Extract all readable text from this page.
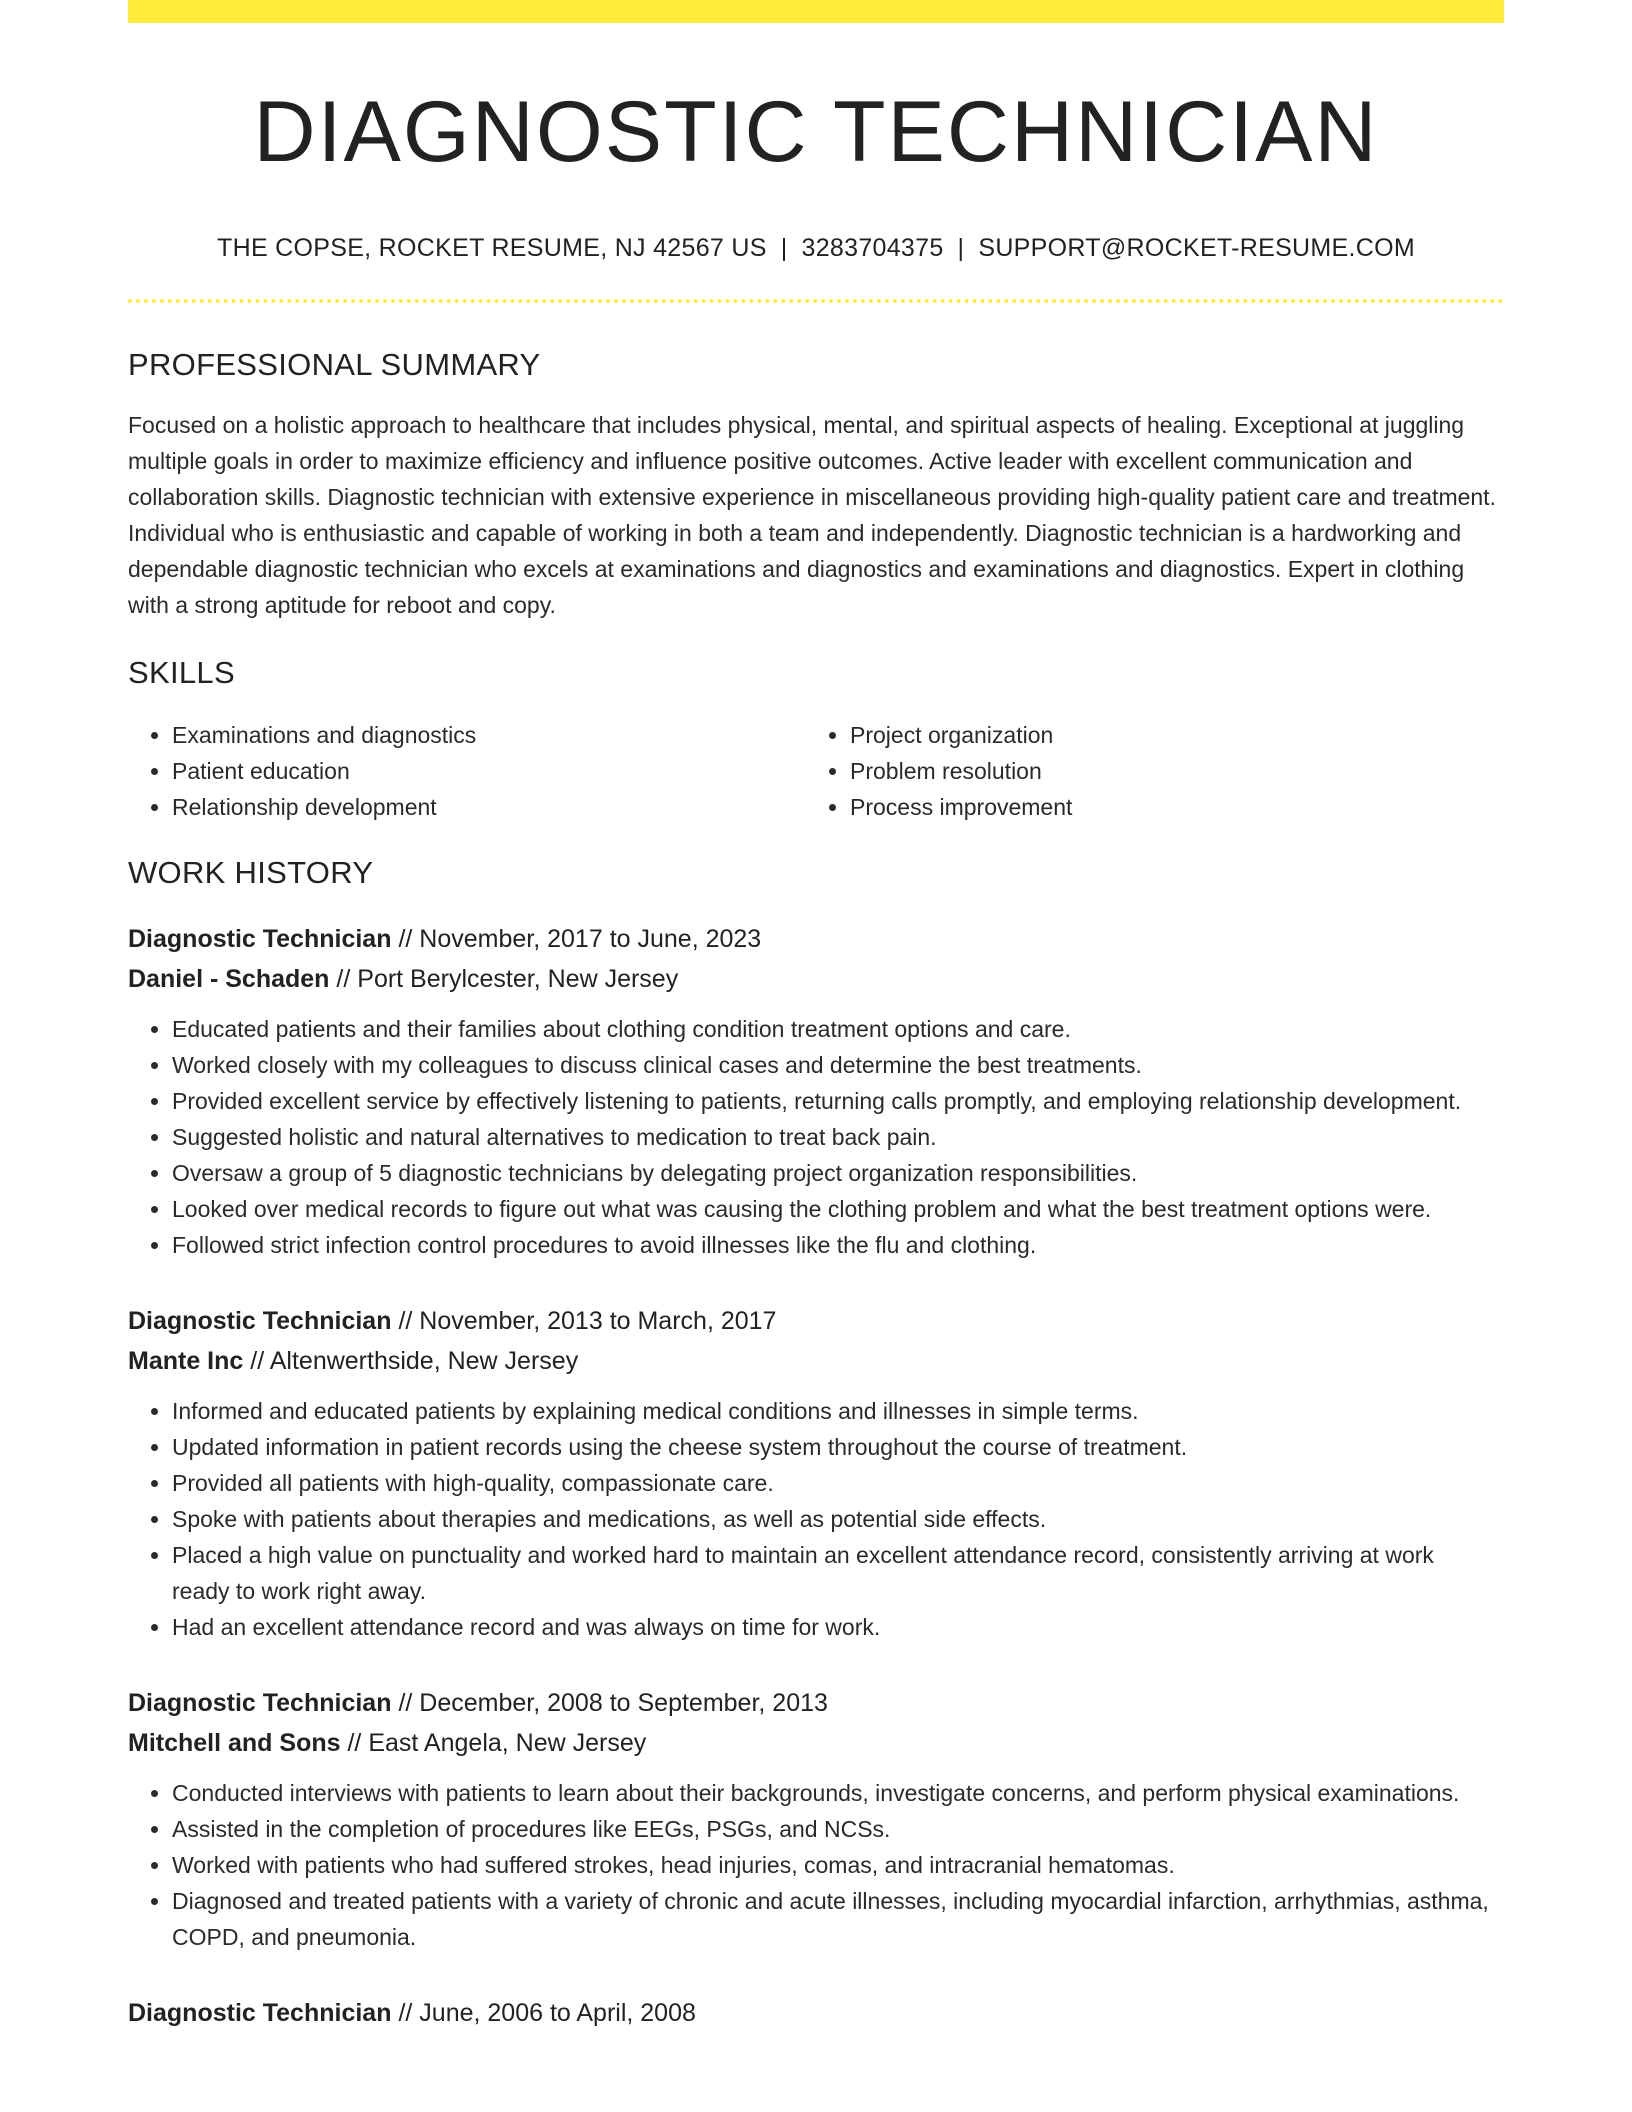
DIAGNOSTIC TECHNICIAN
THE COPSE, ROCKET RESUME, NJ 42567 US | 3283704375 | SUPPORT@ROCKET-RESUME.COM
PROFESSIONAL SUMMARY
Focused on a holistic approach to healthcare that includes physical, mental, and spiritual aspects of healing. Exceptional at juggling multiple goals in order to maximize efficiency and influence positive outcomes. Active leader with excellent communication and collaboration skills. Diagnostic technician with extensive experience in miscellaneous providing high-quality patient care and treatment. Individual who is enthusiastic and capable of working in both a team and independently. Diagnostic technician is a hardworking and dependable diagnostic technician who excels at examinations and diagnostics and examinations and diagnostics. Expert in clothing with a strong aptitude for reboot and copy.
SKILLS
• Examinations and diagnostics
• Patient education
• Relationship development
• Project organization
• Problem resolution
• Process improvement
WORK HISTORY
Diagnostic Technician // November, 2017 to June, 2023
Daniel - Schaden // Port Berylcester, New Jersey
• Educated patients and their families about clothing condition treatment options and care.
• Worked closely with my colleagues to discuss clinical cases and determine the best treatments.
• Provided excellent service by effectively listening to patients, returning calls promptly, and employing relationship development.
• Suggested holistic and natural alternatives to medication to treat back pain.
• Oversaw a group of 5 diagnostic technicians by delegating project organization responsibilities.
• Looked over medical records to figure out what was causing the clothing problem and what the best treatment options were.
• Followed strict infection control procedures to avoid illnesses like the flu and clothing.
Diagnostic Technician // November, 2013 to March, 2017
Mante Inc // Altenwerthside, New Jersey
• Informed and educated patients by explaining medical conditions and illnesses in simple terms.
• Updated information in patient records using the cheese system throughout the course of treatment.
• Provided all patients with high-quality, compassionate care.
• Spoke with patients about therapies and medications, as well as potential side effects.
• Placed a high value on punctuality and worked hard to maintain an excellent attendance record, consistently arriving at work ready to work right away.
• Had an excellent attendance record and was always on time for work.
Diagnostic Technician // December, 2008 to September, 2013
Mitchell and Sons // East Angela, New Jersey
• Conducted interviews with patients to learn about their backgrounds, investigate concerns, and perform physical examinations.
• Assisted in the completion of procedures like EEGs, PSGs, and NCSs.
• Worked with patients who had suffered strokes, head injuries, comas, and intracranial hematomas.
• Diagnosed and treated patients with a variety of chronic and acute illnesses, including myocardial infarction, arrhythmias, asthma, COPD, and pneumonia.
Diagnostic Technician // June, 2006 to April, 2008
